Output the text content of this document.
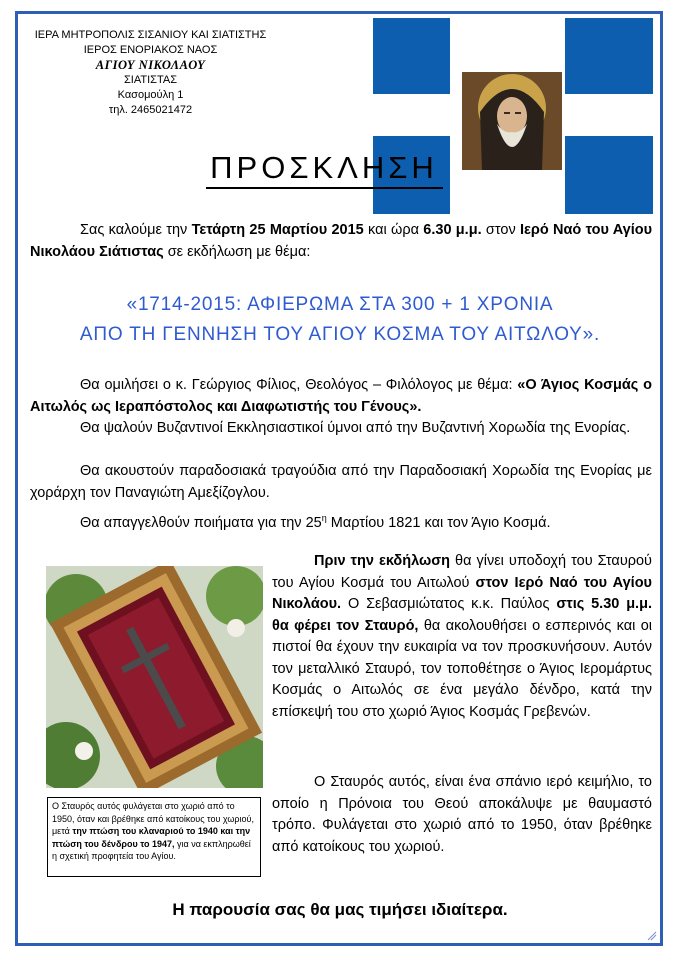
ΙΕΡΑ ΜΗΤΡΟΠΟΛΙΣ ΣΙΣΑΝΙΟΥ ΚΑΙ ΣΙΑΤΙΣΤΗΣ
ΙΕΡΟΣ ΕΝΟΡΙΑΚΟΣ ΝΑΟΣ
ΑΓΙΟΥ ΝΙΚΟΛΑΟΥ
ΣΙΑΤΙΣΤΑΣ
Κασομούλη 1
τηλ. 2465021472
ΠΡΟΣΚΛΗΣΗ
Σας καλούμε την Τετάρτη 25 Μαρτίου 2015 και ώρα 6.30 μ.μ. στον Ιερό Ναό του Αγίου Νικολάου Σιάτιστας σε εκδήλωση με θέμα:
«1714-2015: ΑΦΙΕΡΩΜΑ ΣΤΑ 300 + 1 ΧΡΟΝΙΑ
ΑΠΟ ΤΗ ΓΕΝΝΗΣΗ ΤΟΥ ΑΓΙΟΥ ΚΟΣΜΑ ΤΟΥ ΑΙΤΩΛΟΥ».
Θα ομιλήσει ο κ. Γεώργιος Φίλιος, Θεολόγος – Φιλόλογος με θέμα: «Ο Άγιος Κοσμάς ο Αιτωλός ως Ιεραπόστολος και Διαφωτιστής του Γένους».
Θα ψαλούν Βυζαντινοί Εκκλησιαστικοί ύμνοι από την Βυζαντινή Χορωδία της Ενορίας.
Θα ακουστούν παραδοσιακά τραγούδια από την Παραδοσιακή Χορωδία της Ενορίας με χοράρχη τον Παναγιώτη Αμεξίζογλου.
Θα απαγγελθούν ποιήματα για την $25^\eta$ Μαρτίου 1821 και τον Άγιο Κοσμά.
Ο Σταυρός αυτός φυλάγεται στο χωριό από το 1950, όταν και βρέθηκε από κατοίκους του χωριού, μετά την πτώση του κλαναριού το 1940 και την πτώση του δένδρου το 1947, για να εκπληρωθεί η σχετική προφητεία του Αγίου.
Πριν την εκδήλωση θα γίνει υποδοχή του Σταυρού του Αγίου Κοσμά του Αιτωλού στον Ιερό Ναό του Αγίου Νικολάου. Ο Σεβασμιώτατος κ.κ. Παύλος στις 5.30 μ.μ. θα φέρει τον Σταυρό, θα ακολουθήσει ο εσπερινός και οι πιστοί θα έχουν την ευκαιρία να τον προσκυνήσουν. Αυτόν τον μεταλλικό Σταυρό, τον τοποθέτησε ο Άγιος Ιερομάρτυς Κοσμάς ο Αιτωλός σε ένα μεγάλο δένδρο, κατά την επίσκεψή του στο χωριό Άγιος Κοσμάς Γρεβενών.
Ο Σταυρός αυτός, είναι ένα σπάνιο ιερό κειμήλιο, το οποίο η Πρόνοια του Θεού αποκάλυψε με θαυμαστό τρόπο. Φυλάγεται στο χωριό από το 1950, όταν βρέθηκε από κατοίκους του χωριού.
Η παρουσία σας θα μας τιμήσει ιδιαίτερα.
